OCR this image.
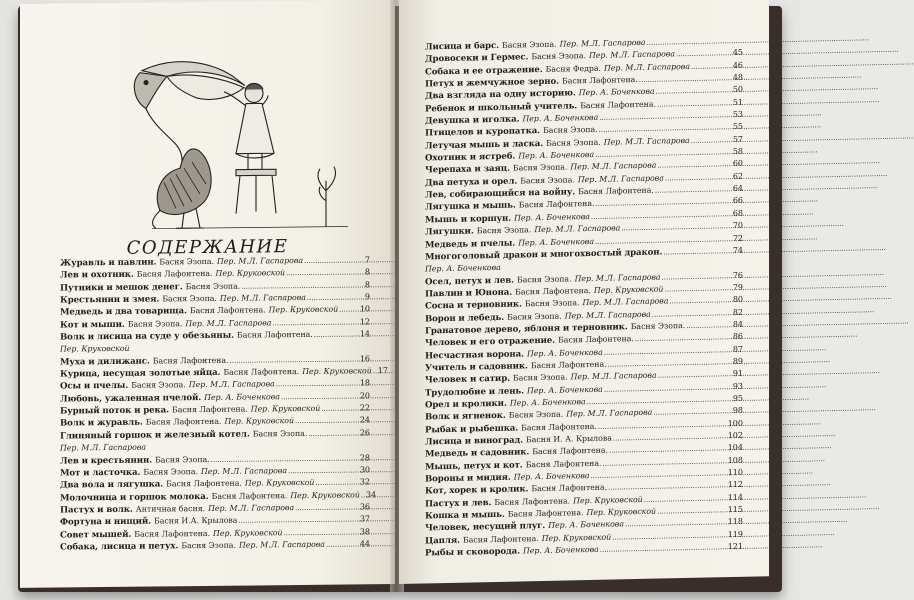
СОДЕРЖАНИЕ
Журавль и павлин. Басня Эзопа. Пер. М.Л. Гаспарова .....	7
Лев и охотник. Басня Лафонтена. Пер. Круковской .....	8
Путники и мешок денег. Басня Эзопа. .....	8
Крестьянин и змея. Басня Эзопа. Пер. М.Л. Гаспарова .....	9
Медведь и два товарища. Басня Лафонтена. Пер. Круковской .....	10
Кот и мыши. Басня Эзопа. Пер. М.Л. Гаспарова .....	12
Волк и лисица на суде у обезьяны. Басня Лафонтена. .....	14
Пер. Круковской
Муха и дилижанс. Басня Лафонтена. .....	16
Курица, несущая золотые яйца. Басня Лафонтена. Пер. Круковской ..... 17
Осы и пчелы. Басня Эзопа. Пер. М.Л. Гаспарова .....	18
Любовь, ужаленная пчелой. Пер. А. Боченкова .....	20
Бурный поток и река. Басня Лафонтена. Пер. Круковской .....	22
Волк и журавль. Басня Лафонтена. Пер. Круковской .....	24
Глиняный горшок и железный котел. Басня Эзопа. .....	26
Пер. М.Л. Гаспарова
Лев и крестьянин. Басня Эзопа. .....	28
Мот и ласточка. Басня Эзопа. Пер. М.Л. Гаспарова .....	30
Два вола и лягушка. Басня Лафонтена. Пер. Круковской .....	32
Молочница и горшок молока. Басня Лафонтена. Пер. Круковской ..... 34
Пастух и волк. Античная басня. Пер. М.Л. Гаспарова .....	36
Фортуна и нищий. Басня И.А. Крылова .....	37
Совет мышей. Басня Лафонтена. Пер. Круковской .....	38
Собака, лисица и петух. Басня Эзопа. Пер. М.Л. Гаспарова .....	44
Лисица и барс. Басня Эзопа. Пер. М.Л. Гаспарова
.....
Дровосеки и Гермес. Басня Эзопа. Пер. М.Л. Гаспарова .....	45
Собака и ее отражение. Басня Федра. Пер. М.Л. Гаспарова .....	46
Петух и жемчужное зерно. Басня Лафонтена. .....	48
Два взгляда на одну историю. Пер. А. Боченкова .....	50
Ребенок и школьный учитель. Басня Лафонтена. .....	51
Девушка и иголка. Пер. А. Боченкова .....	53
Птицелов и куропатка. Басня Эзопа. .....	55
Летучая мышь и ласка. Басня Эзопа. Пер. М.Л. Гаспарова .....	57
Охотник и ястреб. Пер. А. Боченкова .....	58
Черепаха и заяц. Басня Эзопа. Пер. М.Л. Гаспарова .....	60
Два петуха и орел. Басня Эзопа. Пер. М.Л. Гаспарова .....	62
Лев, собирающийся на войну. Басня Лафонтена. .....	64
Лягушка и мышь. Басня Лафонтена. .....	66
Мышь и коршун. Пер. А. Боченкова .....	68
Лягушки. Басня Эзопа. Пер. М.Л. Гаспарова .....	70
Медведь и пчелы. Пер. А. Боченкова .....	72
Многоголовый дракон и многохвостый дракон. .....	74
Пер. А. Боченкова
Осел, петух и лев. Басня Эзопа. Пер. М.Л. Гаспарова .....	76
Павлин и Юнона. Басня Лафонтена. Пер. Круковской .....	79
Сосна и терновник. Басня Эзопа. Пер. М.Л. Гаспарова .....	80
Ворон и лебедь. Басня Эзопа. Пер. М.Л. Гаспарова .....	82
Гранатовое дерево, яблоня и терновник. Басня Эзопа. .....	84
Человек и его отражение. Басня Лафонтена. .....	86
Несчастная ворона. Пер. А. Боченкова .....	87
Учитель и садовник. Басня Лафонтена. .....	89
Человек и сатир. Басня Эзопа. Пер. М.Л. Гаспарова .....	91
Трудолюбие и лень. Пер. А. Боченкова .....	93
Орел и кролики. Пер. А. Боченкова .....	95
Волк и ягненок. Басня Эзопа. Пер. М.Л. Гаспарова .....	98
Рыбак и рыбешка. Басня Лафонтена. .....	100
Лисица и виноград. Басня И. А. Крылова .....	102
Медведь и садовник. Басня Лафонтена. .....	104
Мышь, петух и кот. Басня Лафонтена. .....	108
Вороны и мидия. Пер. А. Боченкова .....	110
Кот, хорек и кролик. Басня Лафонтена. .....	112
Пастух и лев. Басня Лафонтена. Пер. Круковской .....	114
Кошка и мышь. Басня Лафонтена. Пер. Круковской .....	115
Человек, несущий плуг. Пер. А. Боченкова .....	118
Цапля. Басня Лафонтена. Пер. Круковской .....	119
Рыбы и сковорода. Пер. А. Боченкова .....	121
